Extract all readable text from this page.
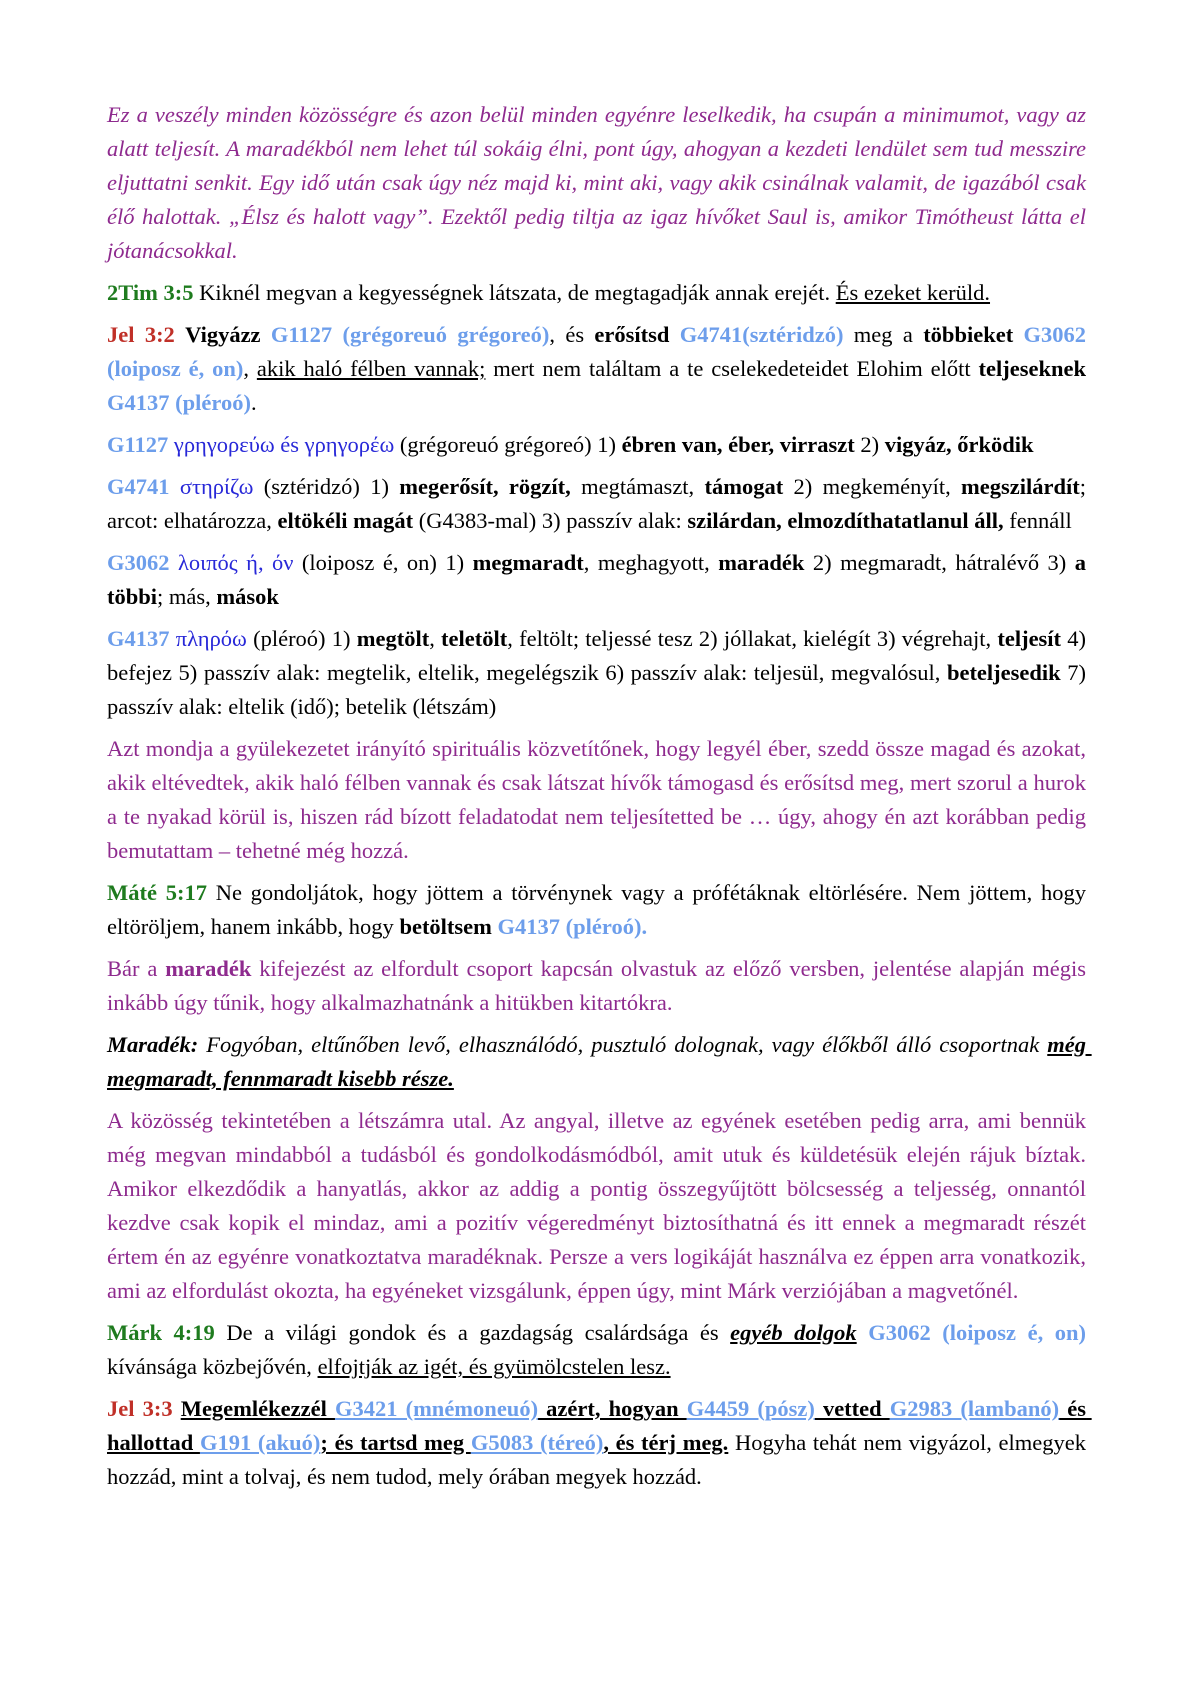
Ez a veszély minden közösségre és azon belül minden egyénre leselkedik, ha csupán a minimumot, vagy az alatt teljesít. A maradékból nem lehet túl sokáig élni, pont úgy, ahogyan a kezdeti lendület sem tud messzire eljuttatni senkit. Egy idő után csak úgy néz majd ki, mint aki, vagy akik csinálnak valamit, de igazából csak élő halottak. „Élsz és halott vagy”. Ezektől pedig tiltja az igaz hívőket Saul is, amikor Timótheust látta el jótanácsokkal.

2Tim 3:5 Kiknél megvan a kegyességnek látszata, de megtagadják annak erejét. És ezeket kerüld.

Jel 3:2 Vigyázz G1127 (grégoreuó grégoreó), és erősítsd G4741(sztéridzó) meg a többieket G3062 (loiposz é, on), akik haló félben vannak; mert nem találtam a te cselekedeteidet Elohim előtt teljeseknek G4137 (pléroó).

G1127 γρηγορεύω és γρηγορέω (grégoreuó grégoreó) 1) ébren van, éber, virraszt 2) vigyáz, őrködik

G4741 στηρίζω (sztéridzó) 1) megerősít, rögzít, megtámaszt, támogat 2) megkeményít, megszilárdít; arcot: elhatározza, eltökéli magát (G4383-mal) 3) passzív alak: szilárdan, elmozdíthatatlanul áll, fennáll

G3062 λοιπός ή, όν (loiposz é, on) 1) megmaradt, meghagyott, maradék 2) megmaradt, hátralévő 3) a többi; más, mások

G4137 πληρόω (pléroó) 1) megtölt, teletölt, feltölt; teljessé tesz 2) jóllakat, kielégít 3) végrehajt, teljesít 4) befejez 5) passzív alak: megtelik, eltelik, megelégszik 6) passzív alak: teljesül, megvalósul, beteljesedik 7) passzív alak: eltelik (idő); betelik (létszám)

Azt mondja a gyülekezetet irányító spirituális közvetítőnek, hogy legyél éber, szedd össze magad és azokat, akik eltévedtek, akik haló félben vannak és csak látszat hívők támogasd és erősítsd meg, mert szorul a hurok a te nyakad körül is, hiszen rád bízott feladatodat nem teljesítetted be … úgy, ahogy én azt korábban pedig bemutattam – tehetné még hozzá.

Máté 5:17 Ne gondoljátok, hogy jöttem a törvénynek vagy a prófétáknak eltörlésére. Nem jöttem, hogy eltöröljem, hanem inkább, hogy betöltsem G4137 (pléroó).

Bár a maradék kifejezést az elfordult csoport kapcsán olvastuk az előző versben, jelentése alapján mégis inkább úgy tűnik, hogy alkalmazhatnánk a hitükben kitartókra.

Maradék: Fogyóban, eltűnőben levő, elhasználódó, pusztuló dolognak, vagy élőkből álló csoportnak még megmaradt, fennmaradt kisebb része.

A közösség tekintetében a létszámra utal. Az angyal, illetve az egyének esetében pedig arra, ami bennük még megvan mindabból a tudásból és gondolkodásmódból, amit utuk és küldetésük elején rájuk bíztak. Amikor elkezdődik a hanyatlás, akkor az addig a pontig összegyűjtött bölcsesség a teljesség, onnantól kezdve csak kopik el mindaz, ami a pozitív végeredményt biztosíthatná és itt ennek a megmaradt részét értem én az egyénre vonatkoztatva maradéknak. Persze a vers logikáját használva ez éppen arra vonatkozik, ami az elfordulást okozta, ha egyéneket vizsgálunk, éppen úgy, mint Márk verziójában a magvetőnél.

Márk 4:19 De a világi gondok és a gazdagság csalárdsága és egyéb dolgok G3062 (loiposz é, on) kívánsága közbejővén, elfojtják az igét, és gyümölcstelen lesz.

Jel 3:3 Megemlékezzél G3421 (mnémoneuó) azért, hogyan G4459 (pósz) vetted G2983 (lambanó) és hallottad G191 (akuó); és tartsd meg G5083 (téreó), és térj meg. Hogyha tehát nem vigyázol, elmegyek hozzád, mint a tolvaj, és nem tudod, mely órában megyek hozzád.
